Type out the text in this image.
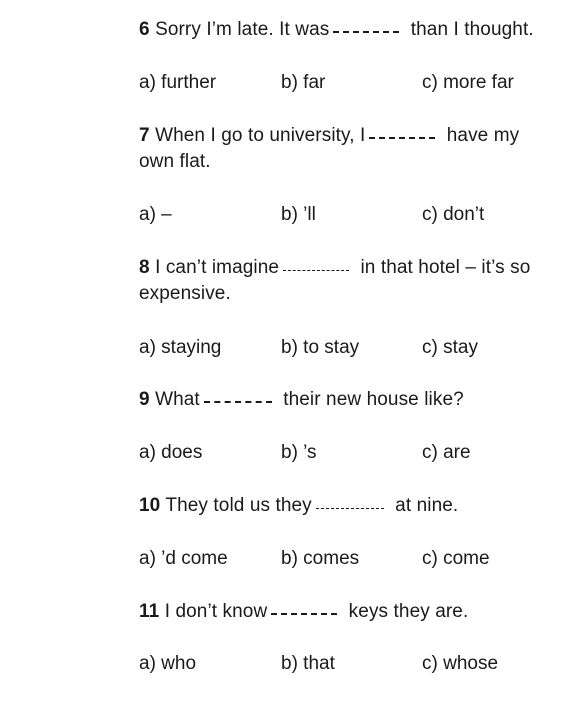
6 Sorry I’m late. It was	than I thought.
a) further	b) far	c) more far
7 When I go to university, I	have my own flat.
a) –	b) ’ll	c) don’t
8 I can’t imagine	in that hotel – it’s so expensive.
a) staying	b) to stay	c) stay
9 What	their new house like?
a) does	b) ’s	c) are
10 They told us they	at nine.
a) ’d come	b) comes	c) come
11 I don’t know	keys they are.
a) who	b) that	c) whose
